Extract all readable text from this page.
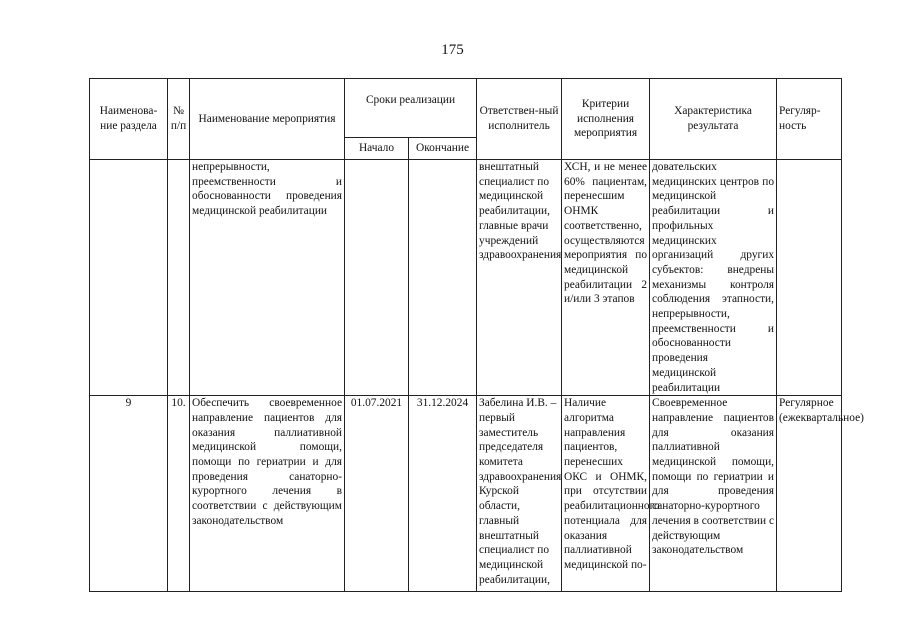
175
Наименова-ние раздела	№ п/п	Наименование мероприятия	Сроки реализации		Ответствен-ный исполнитель	Критерии исполнения мероприятия	Характеристика результата	Регуляр-ность
			Начало	Окончание				
		непрерывности, преемственности и обоснованности проведения медицинской реабилитации			внештатный специалист по медицинской реабилитации, главные врачи учреждений здравоохранения	ХСН, и не менее 60% пациентам, перенесшим ОНМК соответственно, осуществляются мероприятия по медицинской реабилитации 2 и/или 3 этапов	довательских медицинских центров по медицинской реабилитации и профильных медицинских организаций других субъектов: внедрены механизмы контроля соблюдения этапности, непрерывности, преемственности и обоснованности проведения медицинской реабилитации	
9	10.	Обеспечить своевременное направление пациентов для оказания паллиативной медицинской помощи, помощи по гериатрии и для проведения санаторно-курортного лечения в соответствии с действующим законодательством	01.07.2021	31.12.2024	Забелина И.В. – первый заместитель председателя комитета здравоохранения Курской области, главный внештатный специалист по медицинской реабилитации,	Наличие алгоритма направления пациентов, перенесших ОКС и ОНМК, при отсутствии реабилитационного потенциала для оказания паллиативной медицинской по-	Своевременное направление пациентов для оказания паллиативной медицинской помощи, помощи по гериатрии и для проведения санаторно-курортного лечения в соответствии с действующим законодательством	Регулярное (ежеквартальное)
